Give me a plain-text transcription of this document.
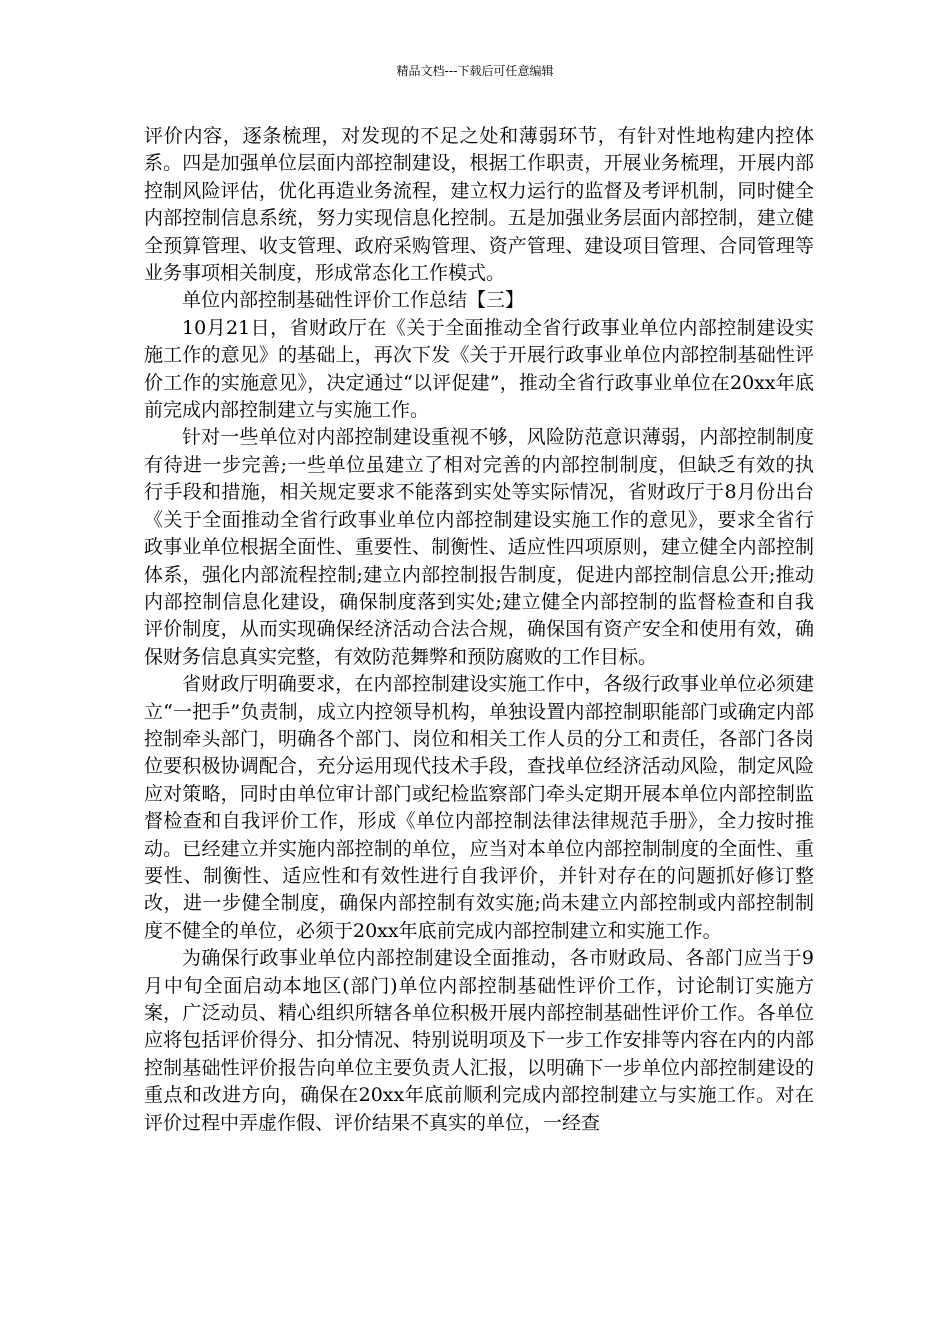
精品文档---下载后可任意编辑

评价内容，逐条梳理，对发现的不足之处和薄弱环节，有针对性地构建内控体系。四是加强单位层面内部控制建设，根据工作职责，开展业务梳理，开展内部控制风险评估，优化再造业务流程，建立权力运行的监督及考评机制，同时健全内部控制信息系统，努力实现信息化控制。五是加强业务层面内部控制，建立健全预算管理、收支管理、政府采购管理、资产管理、建设项目管理、合同管理等业务事项相关制度，形成常态化工作模式。

单位内部控制基础性评价工作总结【三】

10月21日，省财政厅在《关于全面推动全省行政事业单位内部控制建设实施工作的意见》的基础上，再次下发《关于开展行政事业单位内部控制基础性评价工作的实施意见》，决定通过“以评促建”，推动全省行政事业单位在20xx年底前完成内部控制建立与实施工作。

针对一些单位对内部控制建设重视不够，风险防范意识薄弱，内部控制制度有待进一步完善;一些单位虽建立了相对完善的内部控制制度，但缺乏有效的执行手段和措施，相关规定要求不能落到实处等实际情况，省财政厅于8月份出台《关于全面推动全省行政事业单位内部控制建设实施工作的意见》，要求全省行政事业单位根据全面性、重要性、制衡性、适应性四项原则，建立健全内部控制体系，强化内部流程控制;建立内部控制报告制度，促进内部控制信息公开;推动内部控制信息化建设，确保制度落到实处;建立健全内部控制的监督检查和自我评价制度，从而实现确保经济活动合法合规，确保国有资产安全和使用有效，确保财务信息真实完整，有效防范舞弊和预防腐败的工作目标。

省财政厅明确要求，在内部控制建设实施工作中，各级行政事业单位必须建立“一把手”负责制，成立内控领导机构，单独设置内部控制职能部门或确定内部控制牵头部门，明确各个部门、岗位和相关工作人员的分工和责任，各部门各岗位要积极协调配合，充分运用现代技术手段，查找单位经济活动风险，制定风险应对策略，同时由单位审计部门或纪检监察部门牵头定期开展本单位内部控制监督检查和自我评价工作，形成《单位内部控制法律法律规范手册》，全力按时推动。已经建立并实施内部控制的单位，应当对本单位内部控制制度的全面性、重要性、制衡性、适应性和有效性进行自我评价，并针对存在的问题抓好修订整改，进一步健全制度，确保内部控制有效实施;尚未建立内部控制或内部控制制度不健全的单位，必须于20xx年底前完成内部控制建立和实施工作。

为确保行政事业单位内部控制建设全面推动，各市财政局、各部门应当于9月中旬全面启动本地区(部门)单位内部控制基础性评价工作，讨论制订实施方案，广泛动员、精心组织所辖各单位积极开展内部控制基础性评价工作。各单位应将包括评价得分、扣分情况、特别说明项及下一步工作安排等内容在内的内部控制基础性评价报告向单位主要负责人汇报，以明确下一步单位内部控制建设的重点和改进方向，确保在20xx年底前顺利完成内部控制建立与实施工作。对在评价过程中弄虚作假、评价结果不真实的单位，一经查
